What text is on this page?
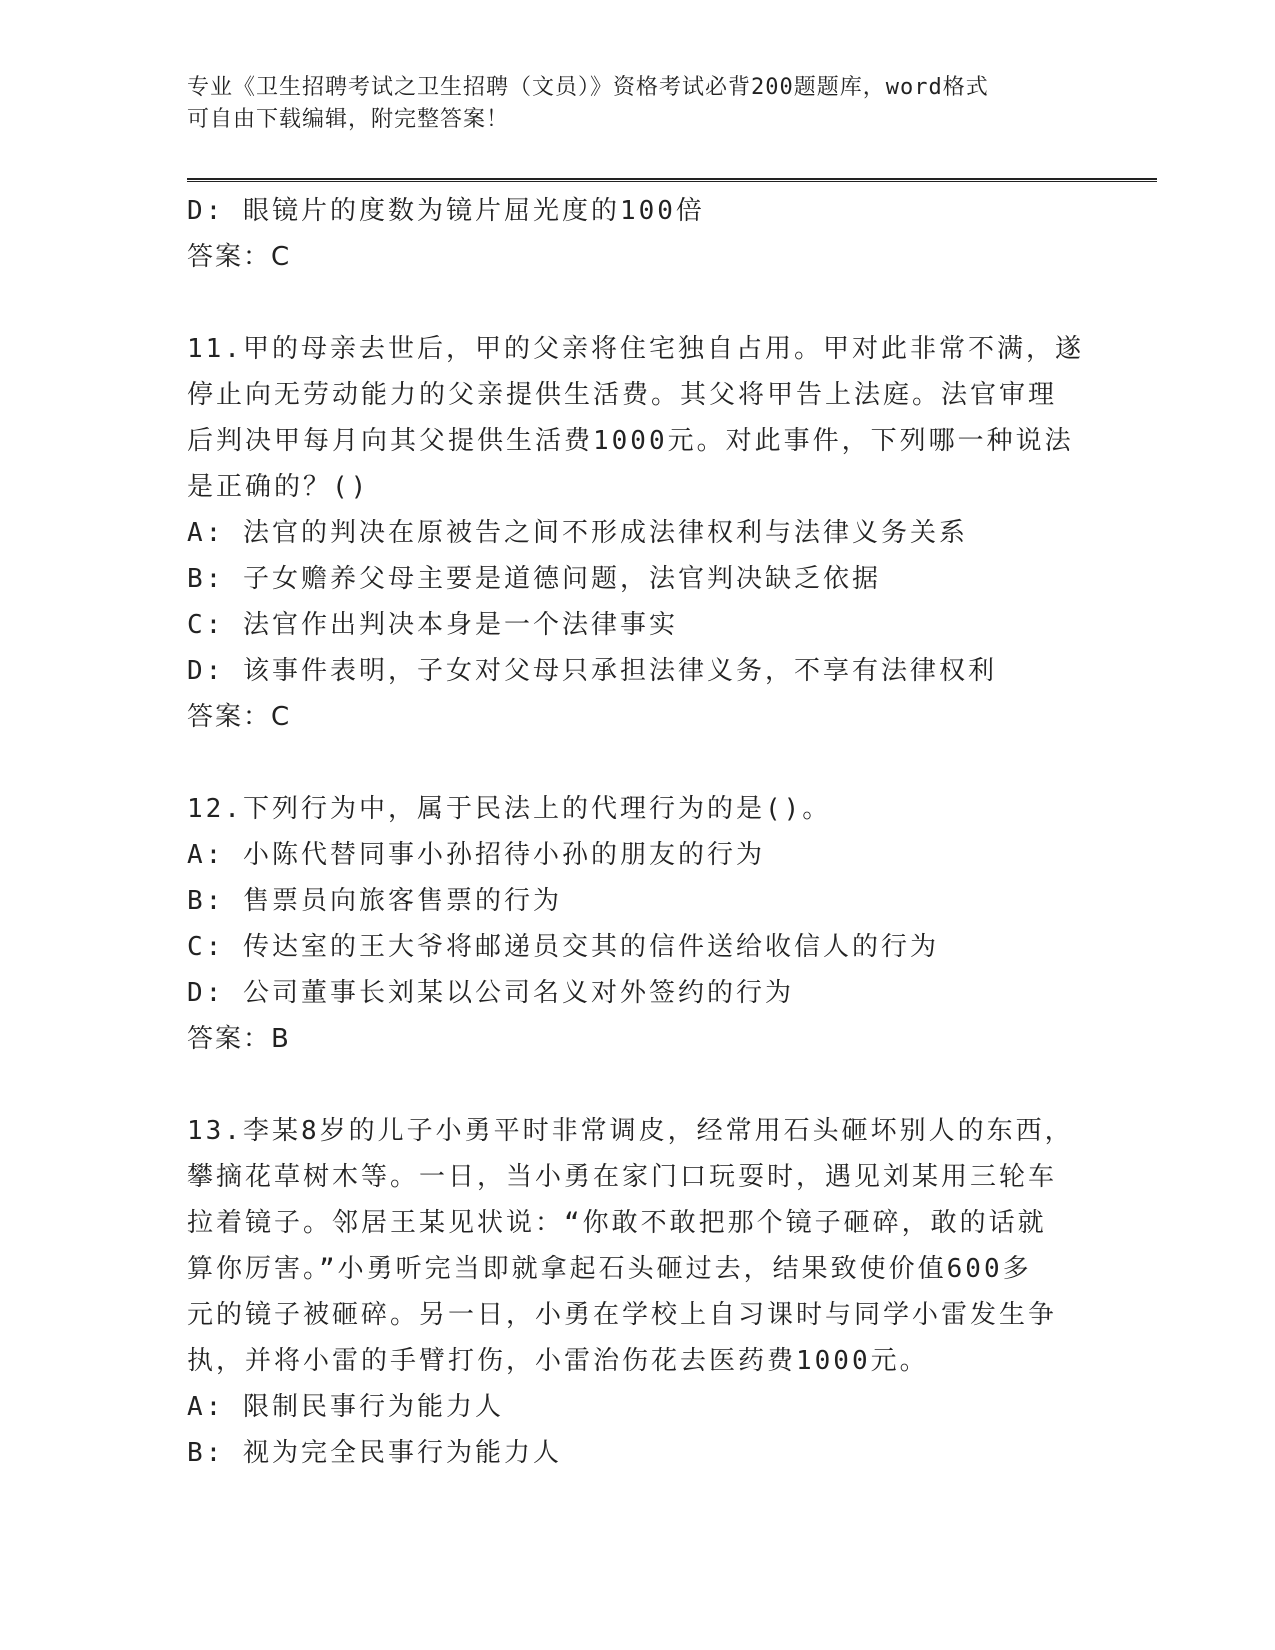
专业《卫生招聘考试之卫生招聘（文员）》资格考试必背200题题库，word格式
可自由下载编辑，附完整答案！
D: 眼镜片的度数为镜片屈光度的100倍
答案：C
11.甲的母亲去世后，甲的父亲将住宅独自占用。甲对此非常不满，遂
停止向无劳动能力的父亲提供生活费。其父将甲告上法庭。法官审理
后判决甲每月向其父提供生活费1000元。对此事件，下列哪一种说法
是正确的？()
A: 法官的判决在原被告之间不形成法律权利与法律义务关系
B: 子女赡养父母主要是道德问题，法官判决缺乏依据
C: 法官作出判决本身是一个法律事实
D: 该事件表明，子女对父母只承担法律义务，不享有法律权利
答案：C
12.下列行为中，属于民法上的代理行为的是()。
A: 小陈代替同事小孙招待小孙的朋友的行为
B: 售票员向旅客售票的行为
C: 传达室的王大爷将邮递员交其的信件送给收信人的行为
D: 公司董事长刘某以公司名义对外签约的行为
答案：B
13.李某8岁的儿子小勇平时非常调皮，经常用石头砸坏别人的东西，
攀摘花草树木等。一日，当小勇在家门口玩耍时，遇见刘某用三轮车
拉着镜子。邻居王某见状说：“你敢不敢把那个镜子砸碎，敢的话就
算你厉害。”小勇听完当即就拿起石头砸过去，结果致使价值600多
元的镜子被砸碎。另一日，小勇在学校上自习课时与同学小雷发生争
执，并将小雷的手臂打伤，小雷治伤花去医药费1000元。
A: 限制民事行为能力人
B: 视为完全民事行为能力人
